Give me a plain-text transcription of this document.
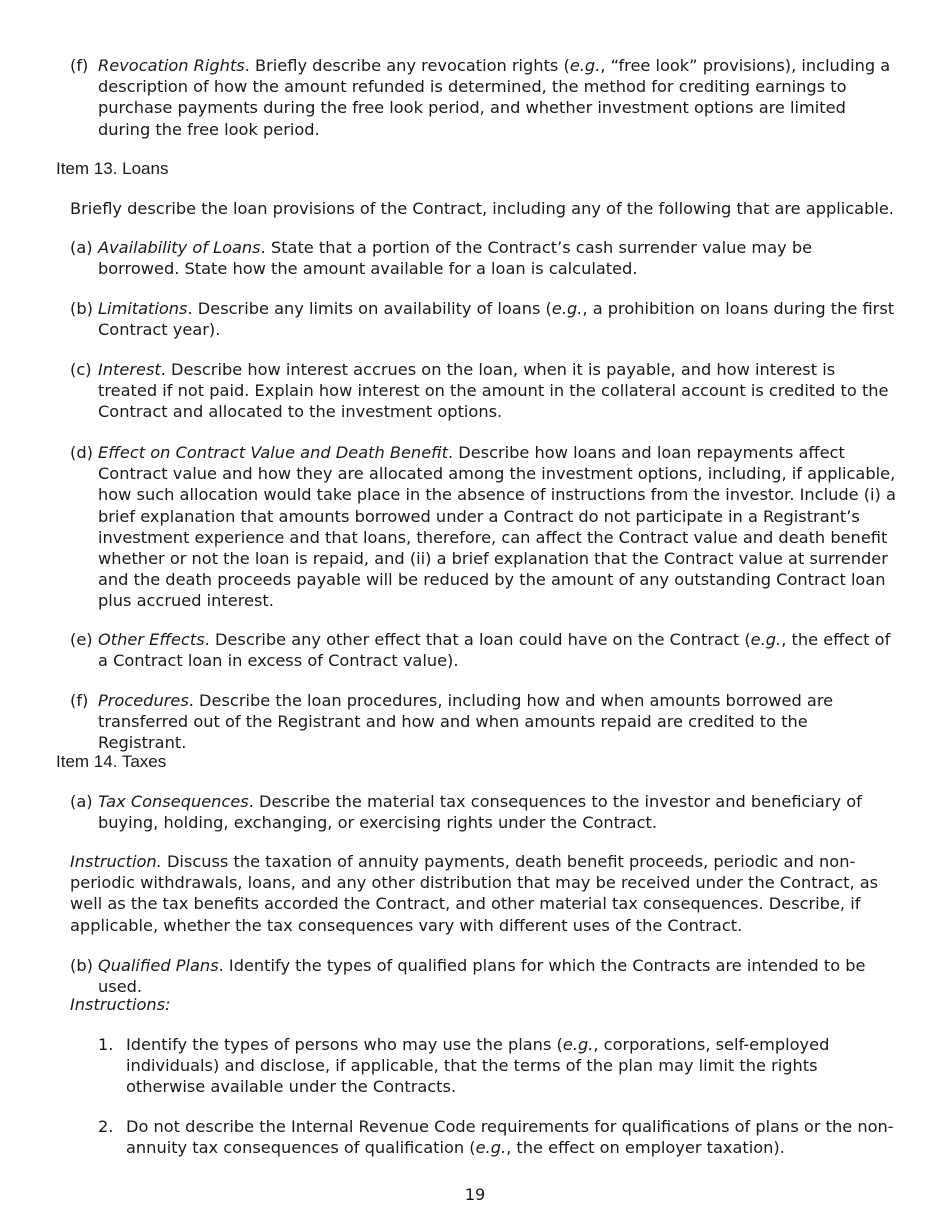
(f) Revocation Rights. Briefly describe any revocation rights (e.g., “free look” provisions), including a description of how the amount refunded is determined, the method for crediting earnings to purchase payments during the free look period, and whether investment options are limited during the free look period.
Item 13. Loans
Briefly describe the loan provisions of the Contract, including any of the following that are applicable.
(a) Availability of Loans. State that a portion of the Contract’s cash surrender value may be borrowed. State how the amount available for a loan is calculated.
(b) Limitations. Describe any limits on availability of loans (e.g., a prohibition on loans during the first Contract year).
(c) Interest. Describe how interest accrues on the loan, when it is payable, and how interest is treated if not paid. Explain how interest on the amount in the collateral account is credited to the Contract and allocated to the investment options.
(d) Effect on Contract Value and Death Benefit. Describe how loans and loan repayments affect Contract value and how they are allocated among the investment options, including, if applicable, how such allocation would take place in the absence of instructions from the investor. Include (i) a brief explanation that amounts borrowed under a Contract do not participate in a Registrant’s investment experience and that loans, therefore, can affect the Contract value and death benefit whether or not the loan is repaid, and (ii) a brief explanation that the Contract value at surrender and the death proceeds payable will be reduced by the amount of any outstanding Contract loan plus accrued interest.
(e) Other Effects. Describe any other effect that a loan could have on the Contract (e.g., the effect of a Contract loan in excess of Contract value).
(f) Procedures. Describe the loan procedures, including how and when amounts borrowed are transferred out of the Registrant and how and when amounts repaid are credited to the Registrant.
Item 14. Taxes
(a) Tax Consequences. Describe the material tax consequences to the investor and beneficiary of buying, holding, exchanging, or exercising rights under the Contract.
Instruction. Discuss the taxation of annuity payments, death benefit proceeds, periodic and non-periodic withdrawals, loans, and any other distribution that may be received under the Contract, as well as the tax benefits accorded the Contract, and other material tax consequences. Describe, if applicable, whether the tax consequences vary with different uses of the Contract.
(b) Qualified Plans. Identify the types of qualified plans for which the Contracts are intended to be used.
Instructions:
1. Identify the types of persons who may use the plans (e.g., corporations, self-employed individuals) and disclose, if applicable, that the terms of the plan may limit the rights otherwise available under the Contracts.
2. Do not describe the Internal Revenue Code requirements for qualifications of plans or the non-annuity tax consequences of qualification (e.g., the effect on employer taxation).
19
